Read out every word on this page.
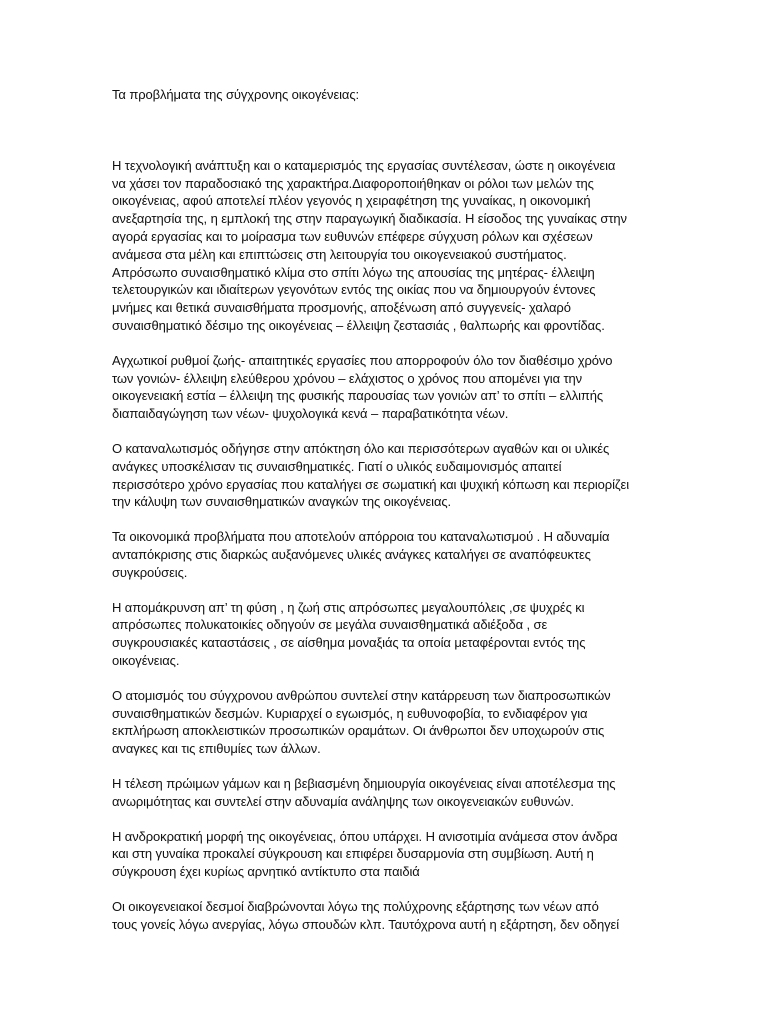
Τα προβλήματα της σύγχρονης οικογένειας:

Η τεχνολογική ανάπτυξη και ο καταμερισμός της εργασίας συντέλεσαν, ώστε η οικογένεια
να χάσει τον παραδοσιακό της χαρακτήρα.Διαφοροποιήθηκαν οι ρόλοι των μελών της
οικογένειας, αφού αποτελεί πλέον γεγονός η χειραφέτηση της γυναίκας, η οικονομική
ανεξαρτησία της, η εμπλοκή της στην παραγωγική διαδικασία. Η είσοδος της γυναίκας στην
αγορά εργασίας και το μοίρασμα των ευθυνών επέφερε σύγχυση ρόλων και σχέσεων
ανάμεσα στα μέλη και επιπτώσεις στη λειτουργία του οικογενειακού συστήματος.
Απρόσωπο συναισθηματικό κλίμα στο σπίτι λόγω της απουσίας της μητέρας- έλλειψη
τελετουργικών και ιδιαίτερων γεγονότων εντός της οικίας που να δημιουργούν έντονες
μνήμες και θετικά συναισθήματα προσμονής, αποξένωση από συγγενείς- χαλαρό
συναισθηματικό δέσιμο της οικογένειας – έλλειψη ζεστασιάς , θαλπωρής και φροντίδας.

Αγχωτικοί ρυθμοί ζωής- απαιτητικές εργασίες που απορροφούν όλο τον διαθέσιμο χρόνο
των γονιών- έλλειψη ελεύθερου χρόνου – ελάχιστος ο χρόνος που απομένει για την
οικογενειακή εστία – έλλειψη της φυσικής παρουσίας των γονιών απ’ το σπίτι – ελλιπής
διαπαιδαγώγηση των νέων- ψυχολογικά κενά – παραβατικότητα νέων.

Ο καταναλωτισμός οδήγησε στην απόκτηση όλο και περισσότερων αγαθών και οι υλικές
ανάγκες υποσκέλισαν τις συναισθηματικές. Γιατί ο υλικός ευδαιμονισμός απαιτεί
περισσότερο χρόνο εργασίας που καταλήγει σε σωματική και ψυχική κόπωση και περιορίζει
την κάλυψη των συναισθηματικών αναγκών της οικογένειας.

Τα οικονομικά προβλήματα που αποτελούν απόρροια του καταναλωτισμού . Η αδυναμία
ανταπόκρισης στις διαρκώς αυξανόμενες υλικές ανάγκες καταλήγει σε αναπόφευκτες
συγκρούσεις.

Η απομάκρυνση απ’ τη φύση , η ζωή στις απρόσωπες μεγαλουπόλεις ,σε ψυχρές κι
απρόσωπες πολυκατοικίες οδηγούν σε μεγάλα συναισθηματικά αδιέξοδα , σε
συγκρουσιακές καταστάσεις , σε αίσθημα μοναξιάς τα οποία μεταφέρονται εντός της
οικογένειας.

Ο ατομισμός του σύγχρονου ανθρώπου συντελεί στην κατάρρευση των διαπροσωπικών
συναισθηματικών δεσμών. Κυριαρχεί ο εγωισμός, η ευθυνοφοβία, το ενδιαφέρον για
εκπλήρωση αποκλειστικών προσωπικών οραμάτων. Οι άνθρωποι δεν υποχωρούν στις
αναγκες και τις επιθυμίες των άλλων.

Η τέλεση πρώιμων γάμων και η βεβιασμένη δημιουργία οικογένειας είναι αποτέλεσμα της
ανωριμότητας και συντελεί στην αδυναμία ανάληψης των οικογενειακών ευθυνών.

Η ανδροκρατική μορφή της οικογένειας, όπου υπάρχει. Η ανισοτιμία ανάμεσα στον άνδρα
και στη γυναίκα προκαλεί σύγκρουση και επιφέρει δυσαρμονία στη συμβίωση. Αυτή η
σύγκρουση έχει κυρίως αρνητικό αντίκτυπο στα παιδιά

Οι οικογενειακοί δεσμοί διαβρώνονται λόγω της πολύχρονης εξάρτησης των νέων από
τους γονείς λόγω ανεργίας, λόγω σπουδών κλπ. Ταυτόχρονα αυτή η εξάρτηση, δεν οδηγεί
